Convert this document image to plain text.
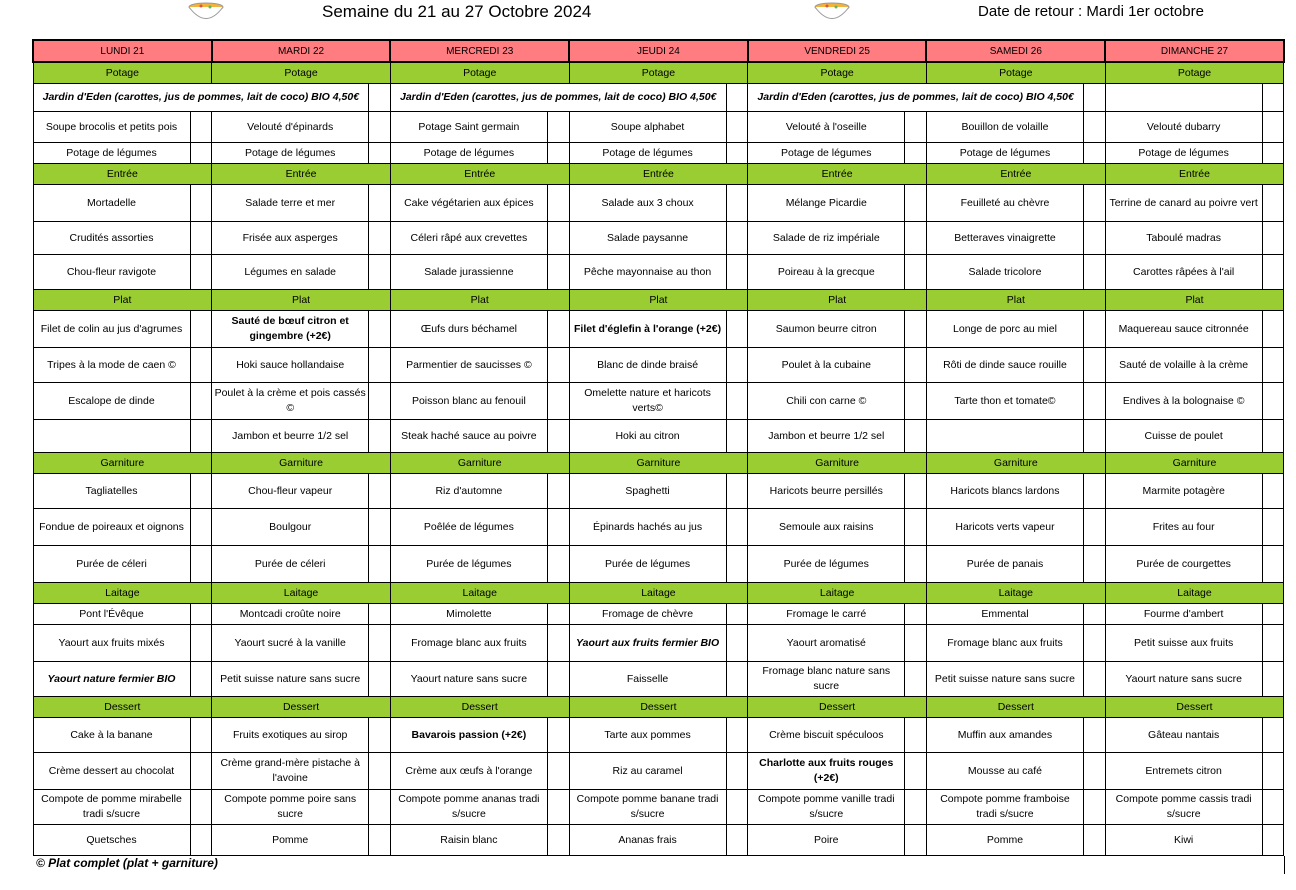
Semaine du 21 au 27 Octobre 2024	Date de retour : Mardi 1er octobre
LUNDI 21		MARDI 22		MERCREDI 23		JEUDI 24		VENDREDI 25		SAMEDI 26		DIMANCHE 27	
Potage		Potage		Potage		Potage		Potage		Potage		Potage	
Jardin d'Eden (carottes, jus de pommes, lait de coco) BIO 4,50€				Jardin d'Eden (carottes, jus de pommes, lait de coco) BIO 4,50€				Jardin d'Eden (carottes, jus de pommes, lait de coco) BIO 4,50€					
Soupe brocolis et petits pois		Velouté d'épinards		Potage Saint germain		Soupe alphabet		Velouté à l'oseille		Bouillon de volaille		Velouté dubarry	
Potage de légumes		Potage de légumes		Potage de légumes		Potage de légumes		Potage de légumes		Potage de légumes		Potage de légumes	
Entrée		Entrée		Entrée		Entrée		Entrée		Entrée		Entrée	
Mortadelle		Salade terre et mer		Cake végétarien aux épices		Salade aux 3 choux		Mélange Picardie		Feuilleté au chèvre		Terrine de canard au poivre vert	
Crudités assorties		Frisée aux asperges		Céleri râpé aux crevettes		Salade paysanne		Salade de riz impériale		Betteraves vinaigrette		Taboulé madras	
Chou-fleur ravigote		Légumes en salade		Salade jurassienne		Pêche mayonnaise au thon		Poireau à la grecque		Salade tricolore		Carottes râpées à l'ail	
Plat		Plat		Plat		Plat		Plat		Plat		Plat	
Filet de colin au jus d'agrumes		Sauté de bœuf citron et gingembre (+2€)		Œufs durs béchamel		Filet d'églefin à l'orange (+2€)		Saumon beurre citron		Longe de porc au miel		Maquereau sauce citronnée	
Tripes à la mode de caen ©		Hoki sauce hollandaise		Parmentier de saucisses ©		Blanc de dinde braisé		Poulet à la cubaine		Rôti de dinde sauce rouille		Sauté de volaille à la crème	
Escalope de dinde		Poulet à la crème et pois cassés ©		Poisson blanc au fenouil		Omelette nature et haricots verts©		Chili con carne ©		Tarte thon et tomate©		Endives à la bolognaise ©	
		Jambon et beurre 1/2 sel		Steak haché sauce au poivre		Hoki au citron		Jambon et beurre 1/2 sel				Cuisse de poulet	
Garniture		Garniture		Garniture		Garniture		Garniture		Garniture		Garniture	
Tagliatelles		Chou-fleur vapeur		Riz d'automne		Spaghetti		Haricots beurre persillés		Haricots blancs lardons		Marmite potagère	
Fondue de poireaux et oignons		Boulgour		Poêlée de légumes		Épinards hachés au jus		Semoule aux raisins		Haricots verts vapeur		Frites au four	
Purée de céleri		Purée de céleri		Purée de légumes		Purée de légumes		Purée de légumes		Purée de panais		Purée de courgettes	
Laitage		Laitage		Laitage		Laitage		Laitage		Laitage		Laitage	
Pont l'Évêque		Montcadi croûte noire		Mimolette		Fromage de chèvre		Fromage le carré		Emmental		Fourme d'ambert	
Yaourt aux fruits mixés		Yaourt sucré à la vanille		Fromage blanc aux fruits		Yaourt aux fruits fermier BIO		Yaourt aromatisé		Fromage blanc aux fruits		Petit suisse aux fruits	
Yaourt nature fermier BIO		Petit suisse nature sans sucre		Yaourt nature sans sucre		Faisselle		Fromage blanc nature sans sucre		Petit suisse nature sans sucre		Yaourt nature sans sucre	
Dessert		Dessert		Dessert		Dessert		Dessert		Dessert		Dessert	
Cake à la banane		Fruits exotiques au sirop		Bavarois passion (+2€)		Tarte aux pommes		Crème biscuit spéculoos		Muffin aux amandes		Gâteau nantais	
Crème dessert au chocolat		Crème grand-mère pistache à l'avoine		Crème aux œufs à l'orange		Riz au caramel		Charlotte aux fruits rouges (+2€)		Mousse au café		Entremets citron	
Compote de pomme mirabelle tradi s/sucre		Compote pomme poire sans sucre		Compote pomme ananas tradi s/sucre		Compote pomme banane tradi s/sucre		Compote pomme vanille tradi s/sucre		Compote pomme framboise tradi s/sucre		Compote pomme cassis tradi s/sucre	
Quetsches		Pomme		Raisin blanc		Ananas frais		Poire		Pomme		Kiwi	
© Plat complet (plat + garniture)
